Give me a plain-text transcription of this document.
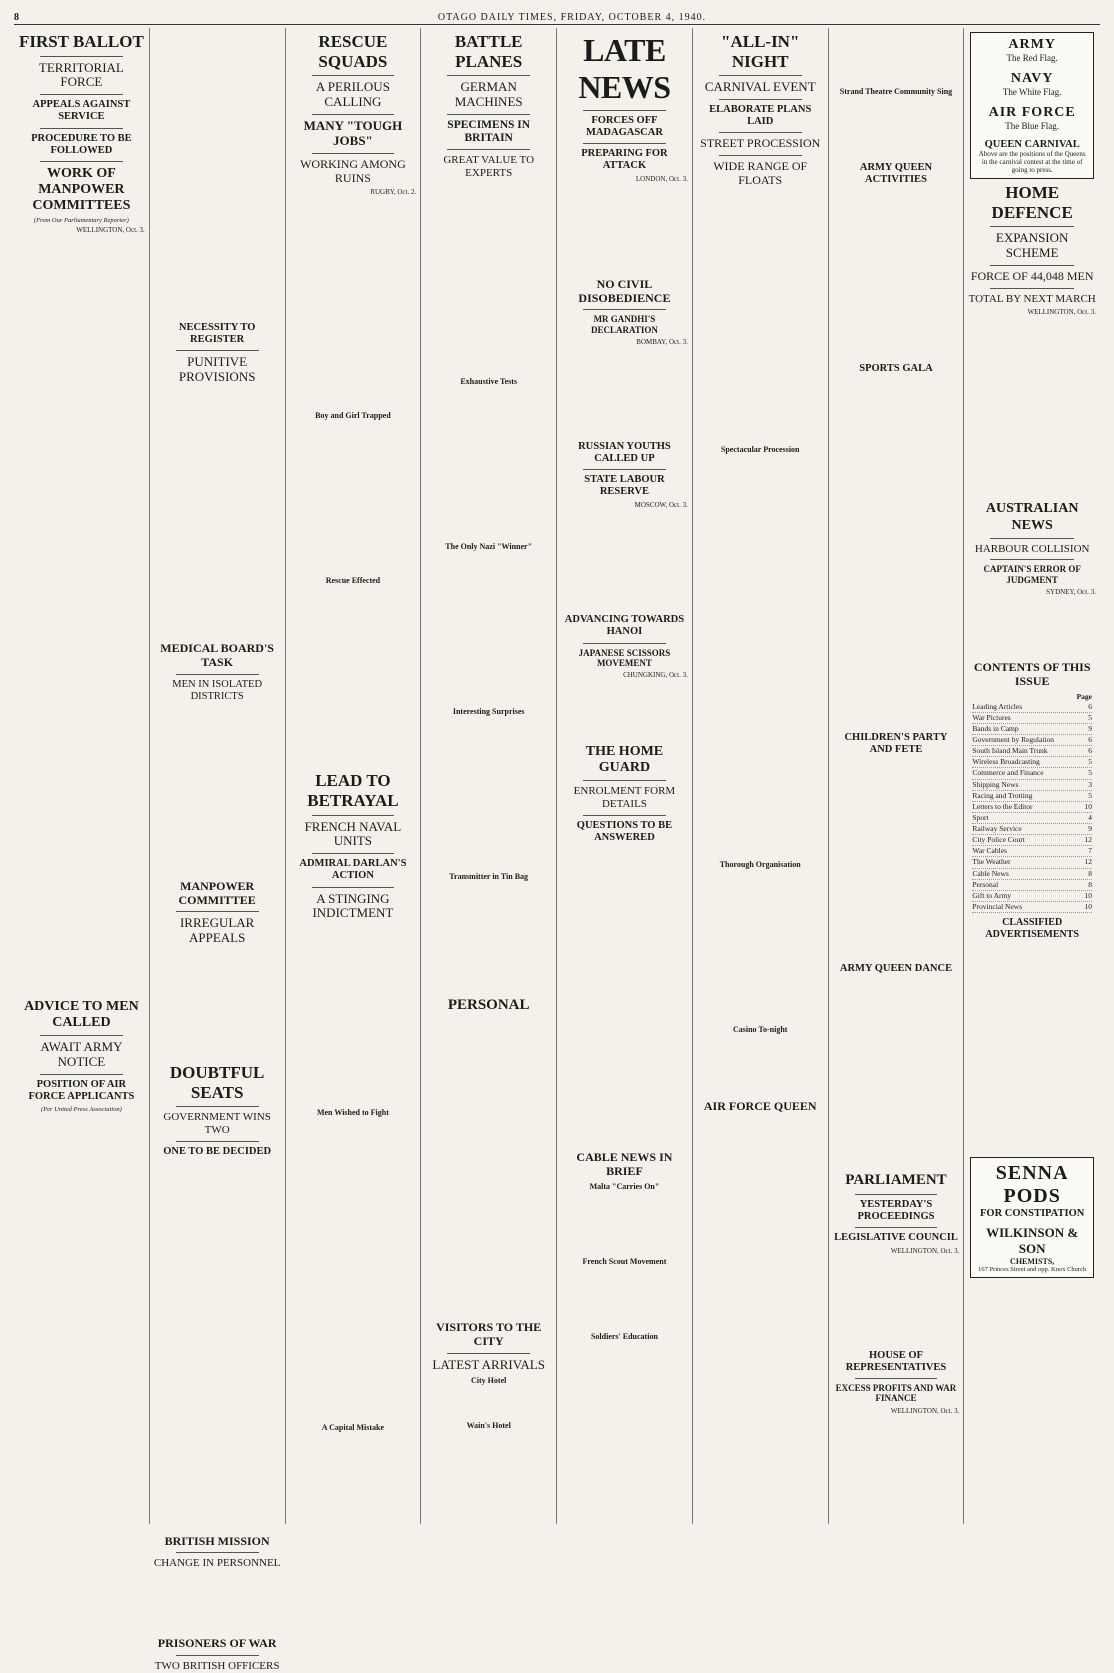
8	OTAGO DAILY TIMES, FRIDAY, OCTOBER 4, 1940.
FIRST BALLOT
TERRITORIAL FORCE
APPEALS AGAINST SERVICE
PROCEDURE TO BE FOLLOWED
WORK OF MANPOWER COMMITTEES
(From Our Parliamentary Reporter)
WELLINGTON, Oct. 3.
ADVICE TO MEN CALLED
AWAIT ARMY NOTICE
POSITION OF AIR FORCE APPLICANTS
(Per United Press Association)
NECESSITY TO REGISTER
PUNITIVE PROVISIONS
MEDICAL BOARD'S TASK
MEN IN ISOLATED DISTRICTS
MANPOWER COMMITTEE
IRREGULAR APPEALS
DOUBTFUL SEATS
GOVERNMENT WINS TWO
ONE TO BE DECIDED
BRITISH MISSION
CHANGE IN PERSONNEL
PRISONERS OF WAR
TWO BRITISH OFFICERS
RESCUE SQUADS
A PERILOUS CALLING
MANY "TOUGH JOBS"
WORKING AMONG RUINS
RUGBY, Oct. 2.
Boy and Girl Trapped
Rescue Effected
LEAD TO BETRAYAL
FRENCH NAVAL UNITS
ADMIRAL DARLAN'S ACTION
A STINGING INDICTMENT
Men Wished to Fight
A Capital Mistake
BATTLE PLANES
GERMAN MACHINES
SPECIMENS IN BRITAIN
GREAT VALUE TO EXPERTS
Exhaustive Tests
The Only Nazi "Winner"
Interesting Surprises
Transmitter in Tin Bag
PERSONAL
VISITORS TO THE CITY
LATEST ARRIVALS
City Hotel
Wain's Hotel
LATE NEWS
FORCES OFF MADAGASCAR
PREPARING FOR ATTACK
LONDON, Oct. 3.
NO CIVIL DISOBEDIENCE
MR GANDHI'S DECLARATION
BOMBAY, Oct. 3.
RUSSIAN YOUTHS CALLED UP
STATE LABOUR RESERVE
MOSCOW, Oct. 3.
ADVANCING TOWARDS HANOI
JAPANESE SCISSORS MOVEMENT
CHUNGKING, Oct. 3.
THE HOME GUARD
ENROLMENT FORM DETAILS
QUESTIONS TO BE ANSWERED
CABLE NEWS IN BRIEF
Malta "Carries On"
French Scout Movement
Soldiers' Education
"ALL-IN" NIGHT
CARNIVAL EVENT
ELABORATE PLANS LAID
STREET PROCESSION
WIDE RANGE OF FLOATS
Spectacular Procession
Thorough Organisation
Casino To-night
AIR FORCE QUEEN
Strand Theatre Community Sing
ARMY QUEEN ACTIVITIES
SPORTS GALA
CHILDREN'S PARTY AND FETE
ARMY QUEEN DANCE
PARLIAMENT
YESTERDAY'S PROCEEDINGS
LEGISLATIVE COUNCIL
WELLINGTON, Oct. 3.
HOUSE OF REPRESENTATIVES
EXCESS PROFITS AND WAR FINANCE
WELLINGTON, Oct. 3.
ARMY
The Red Flag.
NAVY
The White Flag.
AIR FORCE
The Blue Flag.
QUEEN CARNIVAL
Above are the positions of the Queens in the carnival contest at the time of going to press.
HOME DEFENCE
EXPANSION SCHEME
FORCE OF 44,048 MEN
TOTAL BY NEXT MARCH
WELLINGTON, Oct. 3.
AUSTRALIAN NEWS
HARBOUR COLLISION
CAPTAIN'S ERROR OF JUDGMENT
SYDNEY, Oct. 3.
CONTENTS OF THIS ISSUE
Page
Leading Articles	6
War Pictures	5
Bands in Camp	9
Government by Regulation	6
South Island Main Trunk	6
Wireless Broadcasting	5
Commerce and Finance	5
Shipping News	3
Racing and Trotting	5
Letters to the Editor	10
Sport	4
Railway Service	9
City Police Court	12
War Cables	7
The Weather	12
Cable News	8
Personal	8
Gift to Army	10
Provincial News	10
CLASSIFIED ADVERTISEMENTS
SENNA PODS
FOR CONSTIPATION
WILKINSON & SON
CHEMISTS,
167 Princes Street and opp. Knox Church
